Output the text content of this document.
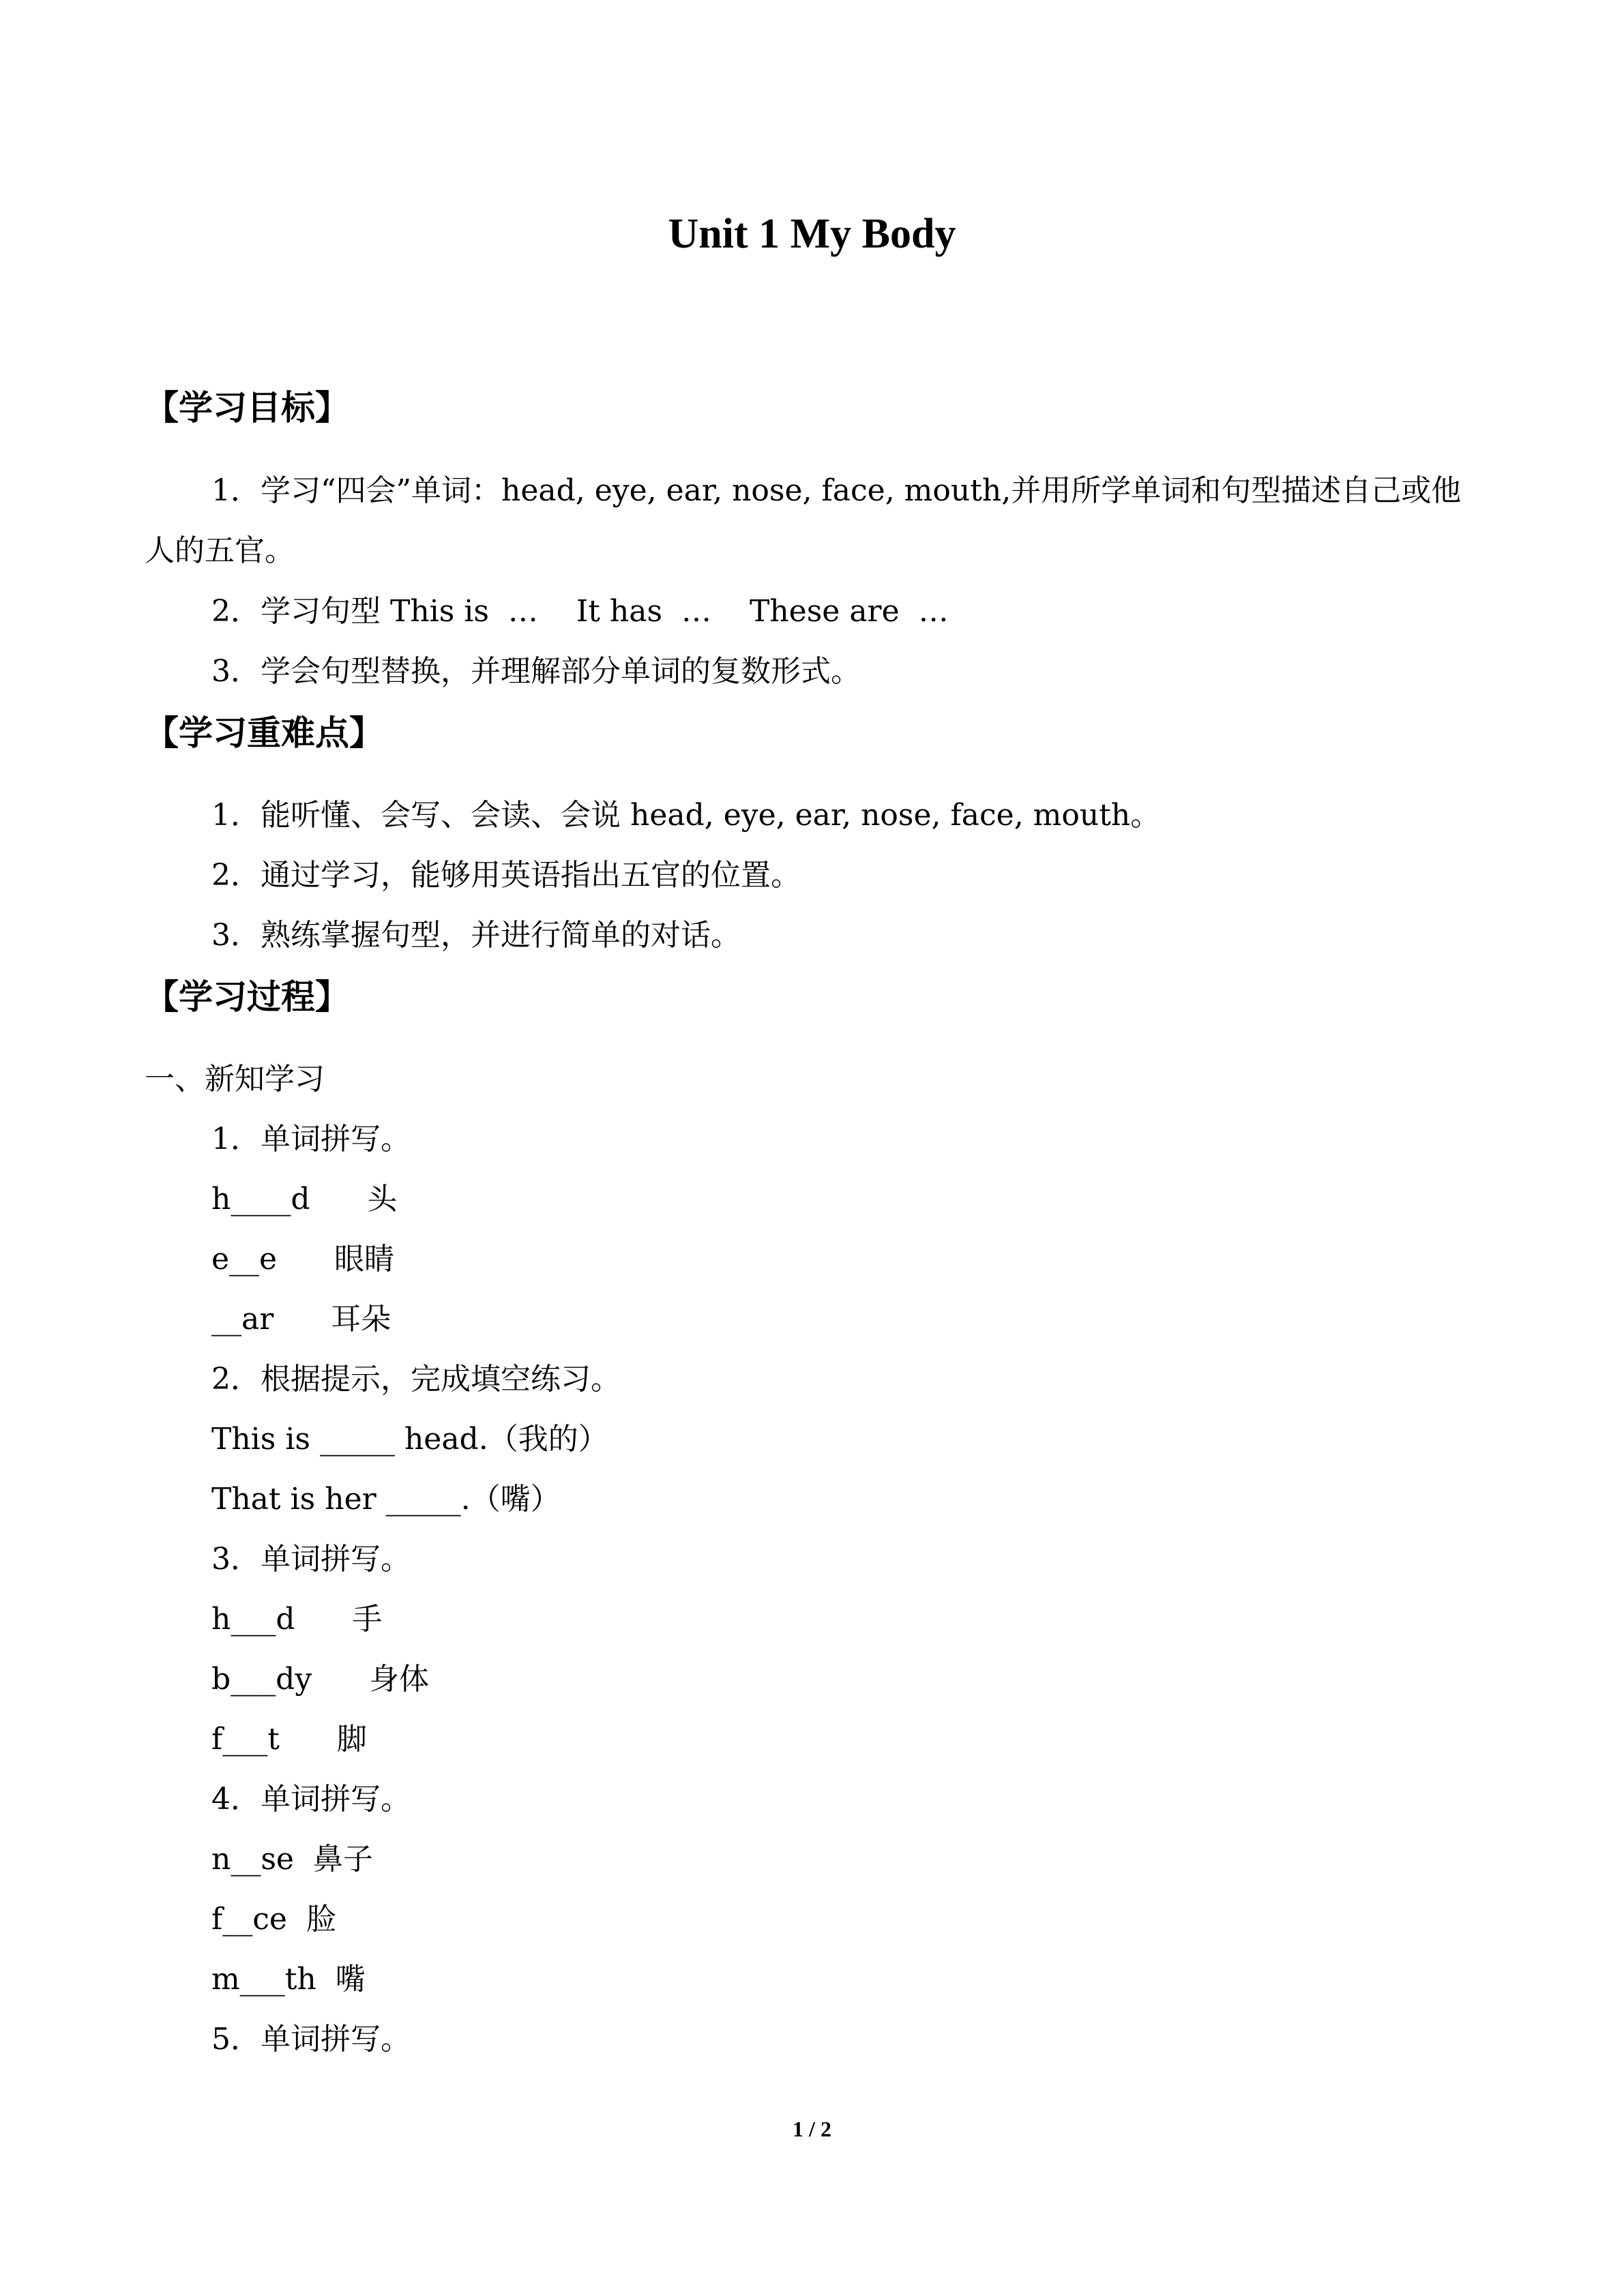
Unit 1 My Body
【学习目标】
1．学习“四会”单词：head, eye, ear, nose, face, mouth,并用所学单词和句型描述自己或他
人的五官。
2．学习句型 This is  …    It has  …    These are  …
3．学会句型替换，并理解部分单词的复数形式。
【学习重难点】
1．能听懂、会写、会读、会说 head, eye, ear, nose, face, mouth。
2．通过学习，能够用英语指出五官的位置。
3．熟练掌握句型，并进行简单的对话。
【学习过程】
一、新知学习
1．单词拼写。
h____d      头
e__e      眼睛
__ar      耳朵
2．根据提示，完成填空练习。
This is _____ head.（我的）
That is her _____.（嘴）
3．单词拼写。
h___d      手
b___dy      身体
f___t      脚
4．单词拼写。
n__se  鼻子
f__ce  脸
m___th  嘴
5．单词拼写。
1 / 2
